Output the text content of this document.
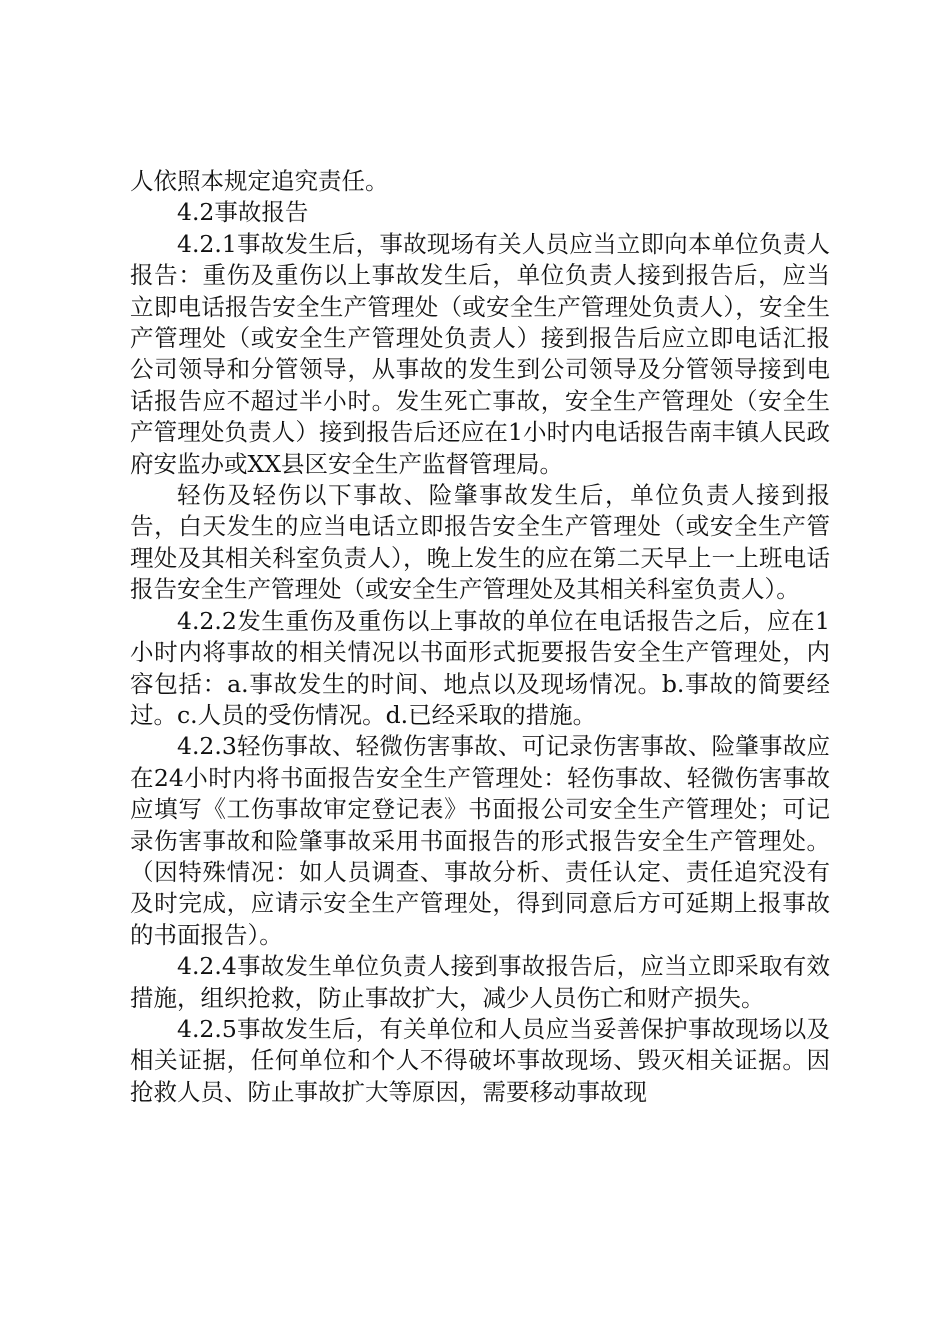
人依照本规定追究责任。

4.2事故报告

4.2.1事故发生后，事故现场有关人员应当立即向本单位负责人报告：重伤及重伤以上事故发生后，单位负责人接到报告后，应当立即电话报告安全生产管理处（或安全生产管理处负责人），安全生产管理处（或安全生产管理处负责人）接到报告后应立即电话汇报公司领导和分管领导，从事故的发生到公司领导及分管领导接到电话报告应不超过半小时。发生死亡事故，安全生产管理处（安全生产管理处负责人）接到报告后还应在1小时内电话报告南丰镇人民政府安监办或XX县区安全生产监督管理局。

轻伤及轻伤以下事故、险肇事故发生后，单位负责人接到报告，白天发生的应当电话立即报告安全生产管理处（或安全生产管理处及其相关科室负责人），晚上发生的应在第二天早上一上班电话报告安全生产管理处（或安全生产管理处及其相关科室负责人）。

4.2.2发生重伤及重伤以上事故的单位在电话报告之后，应在1小时内将事故的相关情况以书面形式扼要报告安全生产管理处，内容包括：a.事故发生的时间、地点以及现场情况。b.事故的简要经过。c.人员的受伤情况。d.已经采取的措施。

4.2.3轻伤事故、轻微伤害事故、可记录伤害事故、险肇事故应在24小时内将书面报告安全生产管理处：轻伤事故、轻微伤害事故应填写《工伤事故审定登记表》书面报公司安全生产管理处；可记录伤害事故和险肇事故采用书面报告的形式报告安全生产管理处。（因特殊情况：如人员调查、事故分析、责任认定、责任追究没有及时完成，应请示安全生产管理处，得到同意后方可延期上报事故的书面报告）。

4.2.4事故发生单位负责人接到事故报告后，应当立即采取有效措施，组织抢救，防止事故扩大，减少人员伤亡和财产损失。

4.2.5事故发生后，有关单位和人员应当妥善保护事故现场以及相关证据，任何单位和个人不得破坏事故现场、毁灭相关证据。因抢救人员、防止事故扩大等原因，需要移动事故现
